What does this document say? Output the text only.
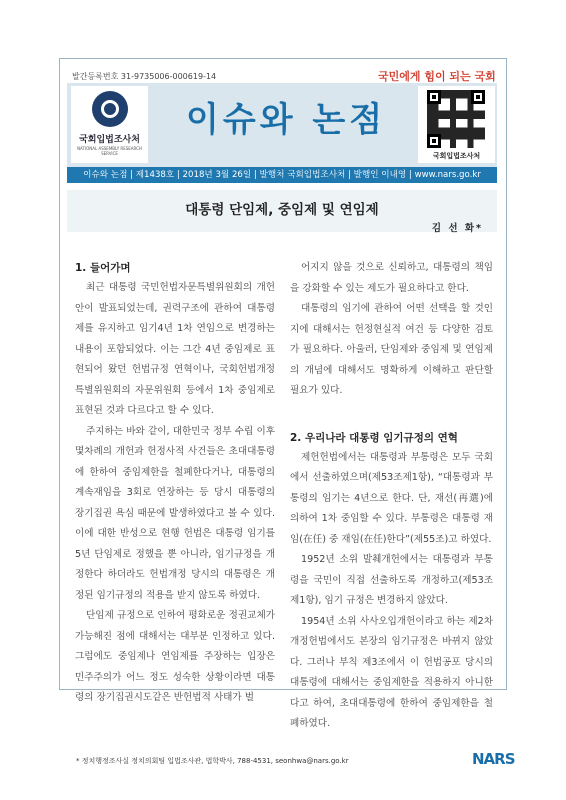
발간등록번호 31-9735006-000619-14	국민에게 힘이 되는 국회
국회입법조사처
NATIONAL ASSEMBLY RESEARCH SERVICE
이슈와 논점
국회입법조사처
이슈와 논점 | 제1438호 | 2018년 3월 26일 | 발행처 국회입법조사처 | 발행인 이내영 | www.nars.go.kr
대통령 단임제, 중임제 및 연임제
김 선 화*
1. 들어가며

최근 대통령 국민헌법자문특별위원회의 개헌안이 발표되었는데, 권력구조에 관하여 대통령제를 유지하고 임기4년 1차 연임으로 변경하는 내용이 포함되었다. 이는 그간 4년 중임제로 표현되어 왔던 헌법규정 연혁이나, 국회헌법개정특별위원회의 자문위원회 등에서 1차 중임제로 표현된 것과 다르다고 할 수 있다.

주지하는 바와 같이, 대한민국 정부 수립 이후 몇차례의 개헌과 헌정사적 사건들은 초대대통령에 한하여 중임제한을 철폐한다거나, 대통령의 계속재임을 3회로 연장하는 등 당시 대통령의 장기집권 욕심 때문에 발생하였다고 볼 수 있다. 이에 대한 반성으로 현행 헌법은 대통령 임기를 5년 단임제로 정했을 뿐 아니라, 임기규정을 개정한다 하더라도 헌법개정 당시의 대통령은 개정된 임기규정의 적용을 받지 않도록 하였다.

단임제 규정으로 인하여 평화로운 정권교체가 가능해진 점에 대해서는 대부분 인정하고 있다. 그럼에도 중임제나 연임제를 주장하는 입장은 민주주의가 어느 정도 성숙한 상황이라면 대통령의 장기집권시도같은 반헌법적 사태가 벌

어지지 않을 것으로 신뢰하고, 대통령의 책임을 강화할 수 있는 제도가 필요하다고 한다.

대통령의 임기에 관하여 어떤 선택을 할 것인지에 대해서는 헌정현실적 여건 등 다양한 검토가 필요하다. 아울러, 단임제와 중임제 및 연임제의 개념에 대해서도 명확하게 이해하고 판단할 필요가 있다.

2. 우리나라 대통령 임기규정의 연혁

제헌헌법에서는 대통령과 부통령은 모두 국회에서 선출하였으며(제53조제1항), “대통령과 부통령의 임기는 4년으로 한다. 단, 재선(再選)에 의하여 1차 중임할 수 있다. 부통령은 대통령 재임(在任) 중 재임(在任)한다”(제55조)고 하였다.

1952년 소위 발췌개헌에서는 대통령과 부통령을 국민이 직접 선출하도록 개정하고(제53조제1항), 임기 규정은 변경하지 않았다.

1954년 소위 사사오입개헌이라고 하는 제2차 개정헌법에서도 본장의 임기규정은 바뀌지 않았다. 그러나 부칙 제3조에서 이 헌법공포 당시의 대통령에 대해서는 중임제한을 적용하지 아니한다고 하여, 초대대통령에 한하여 중임제한을 철폐하였다.

* 정치행정조사실 정치의회팀 입법조사관, 법학박사, 788-4531, seonhwa@nars.go.kr	NARS
